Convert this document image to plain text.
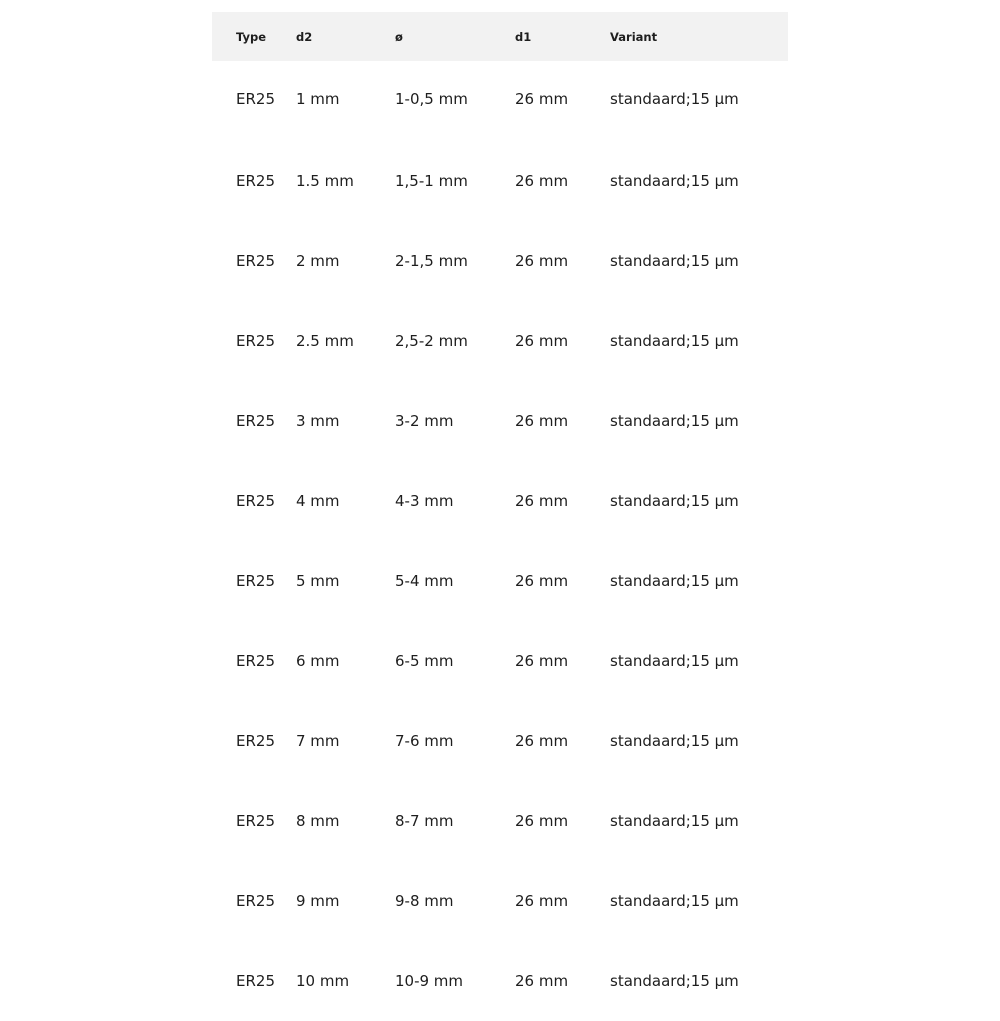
Type	d2	ø	d1	Variant
ER25	1 mm	1-0,5 mm	26 mm	standaard;15 µm
ER25	1.5 mm	1,5-1 mm	26 mm	standaard;15 µm
ER25	2 mm	2-1,5 mm	26 mm	standaard;15 µm
ER25	2.5 mm	2,5-2 mm	26 mm	standaard;15 µm
ER25	3 mm	3-2 mm	26 mm	standaard;15 µm
ER25	4 mm	4-3 mm	26 mm	standaard;15 µm
ER25	5 mm	5-4 mm	26 mm	standaard;15 µm
ER25	6 mm	6-5 mm	26 mm	standaard;15 µm
ER25	7 mm	7-6 mm	26 mm	standaard;15 µm
ER25	8 mm	8-7 mm	26 mm	standaard;15 µm
ER25	9 mm	9-8 mm	26 mm	standaard;15 µm
ER25	10 mm	10-9 mm	26 mm	standaard;15 µm
